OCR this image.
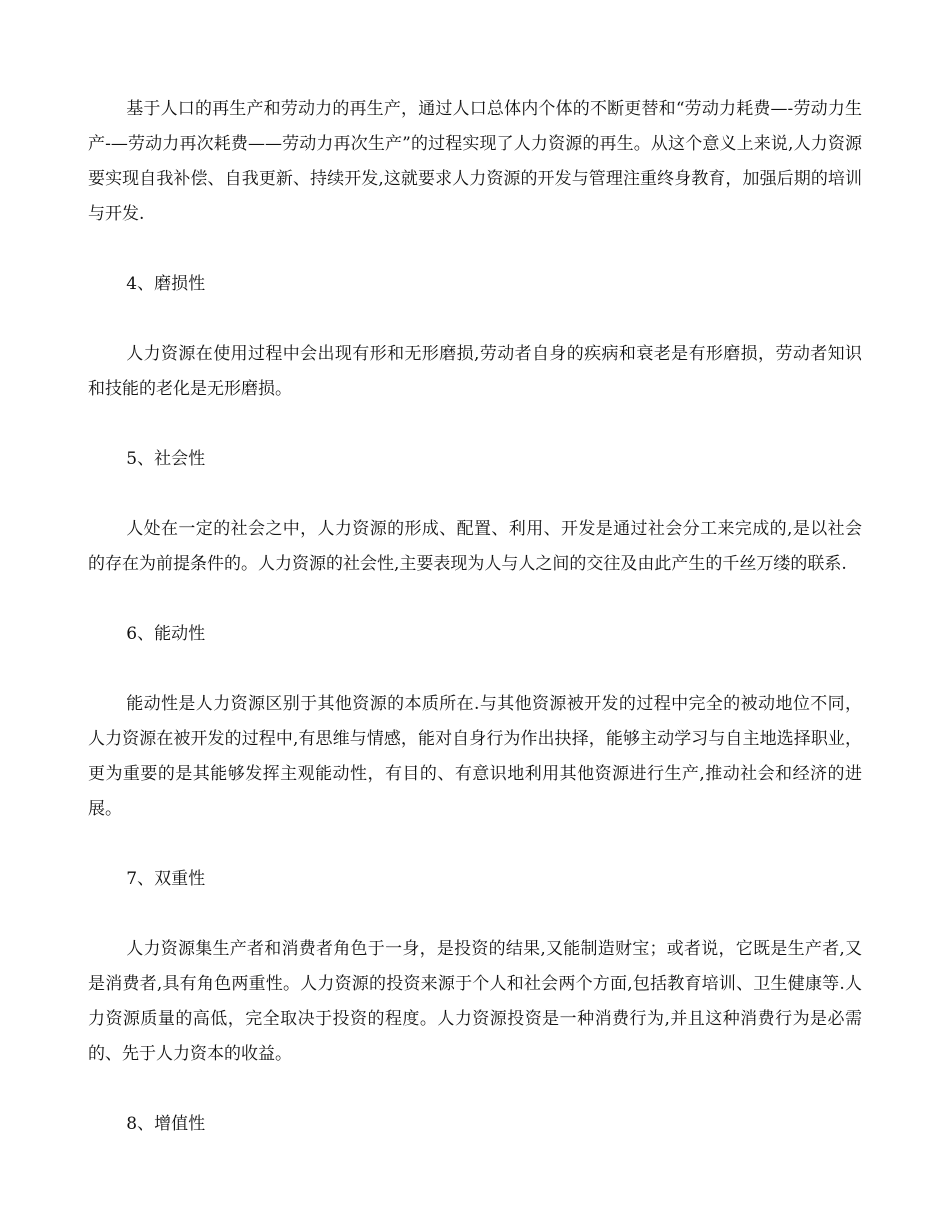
基于人口的再生产和劳动力的再生产，通过人口总体内个体的不断更替和“劳动力耗费—-劳动力生产-—劳动力再次耗费——劳动力再次生产”的过程实现了人力资源的再生。从这个意义上来说,人力资源要实现自我补偿、自我更新、持续开发,这就要求人力资源的开发与管理注重终身教育，加强后期的培训与开发.

4、磨损性

人力资源在使用过程中会出现有形和无形磨损,劳动者自身的疾病和衰老是有形磨损，劳动者知识和技能的老化是无形磨损。

5、社会性

人处在一定的社会之中，人力资源的形成、配置、利用、开发是通过社会分工来完成的,是以社会的存在为前提条件的。人力资源的社会性,主要表现为人与人之间的交往及由此产生的千丝万缕的联系.

6、能动性

能动性是人力资源区别于其他资源的本质所在.与其他资源被开发的过程中完全的被动地位不同，人力资源在被开发的过程中,有思维与情感，能对自身行为作出抉择，能够主动学习与自主地选择职业，更为重要的是其能够发挥主观能动性，有目的、有意识地利用其他资源进行生产,推动社会和经济的进展。

7、双重性

人力资源集生产者和消费者角色于一身，是投资的结果,又能制造财宝；或者说，它既是生产者,又是消费者,具有角色两重性。人力资源的投资来源于个人和社会两个方面,包括教育培训、卫生健康等.人力资源质量的高低，完全取决于投资的程度。人力资源投资是一种消费行为,并且这种消费行为是必需的、先于人力资本的收益。

8、增值性
